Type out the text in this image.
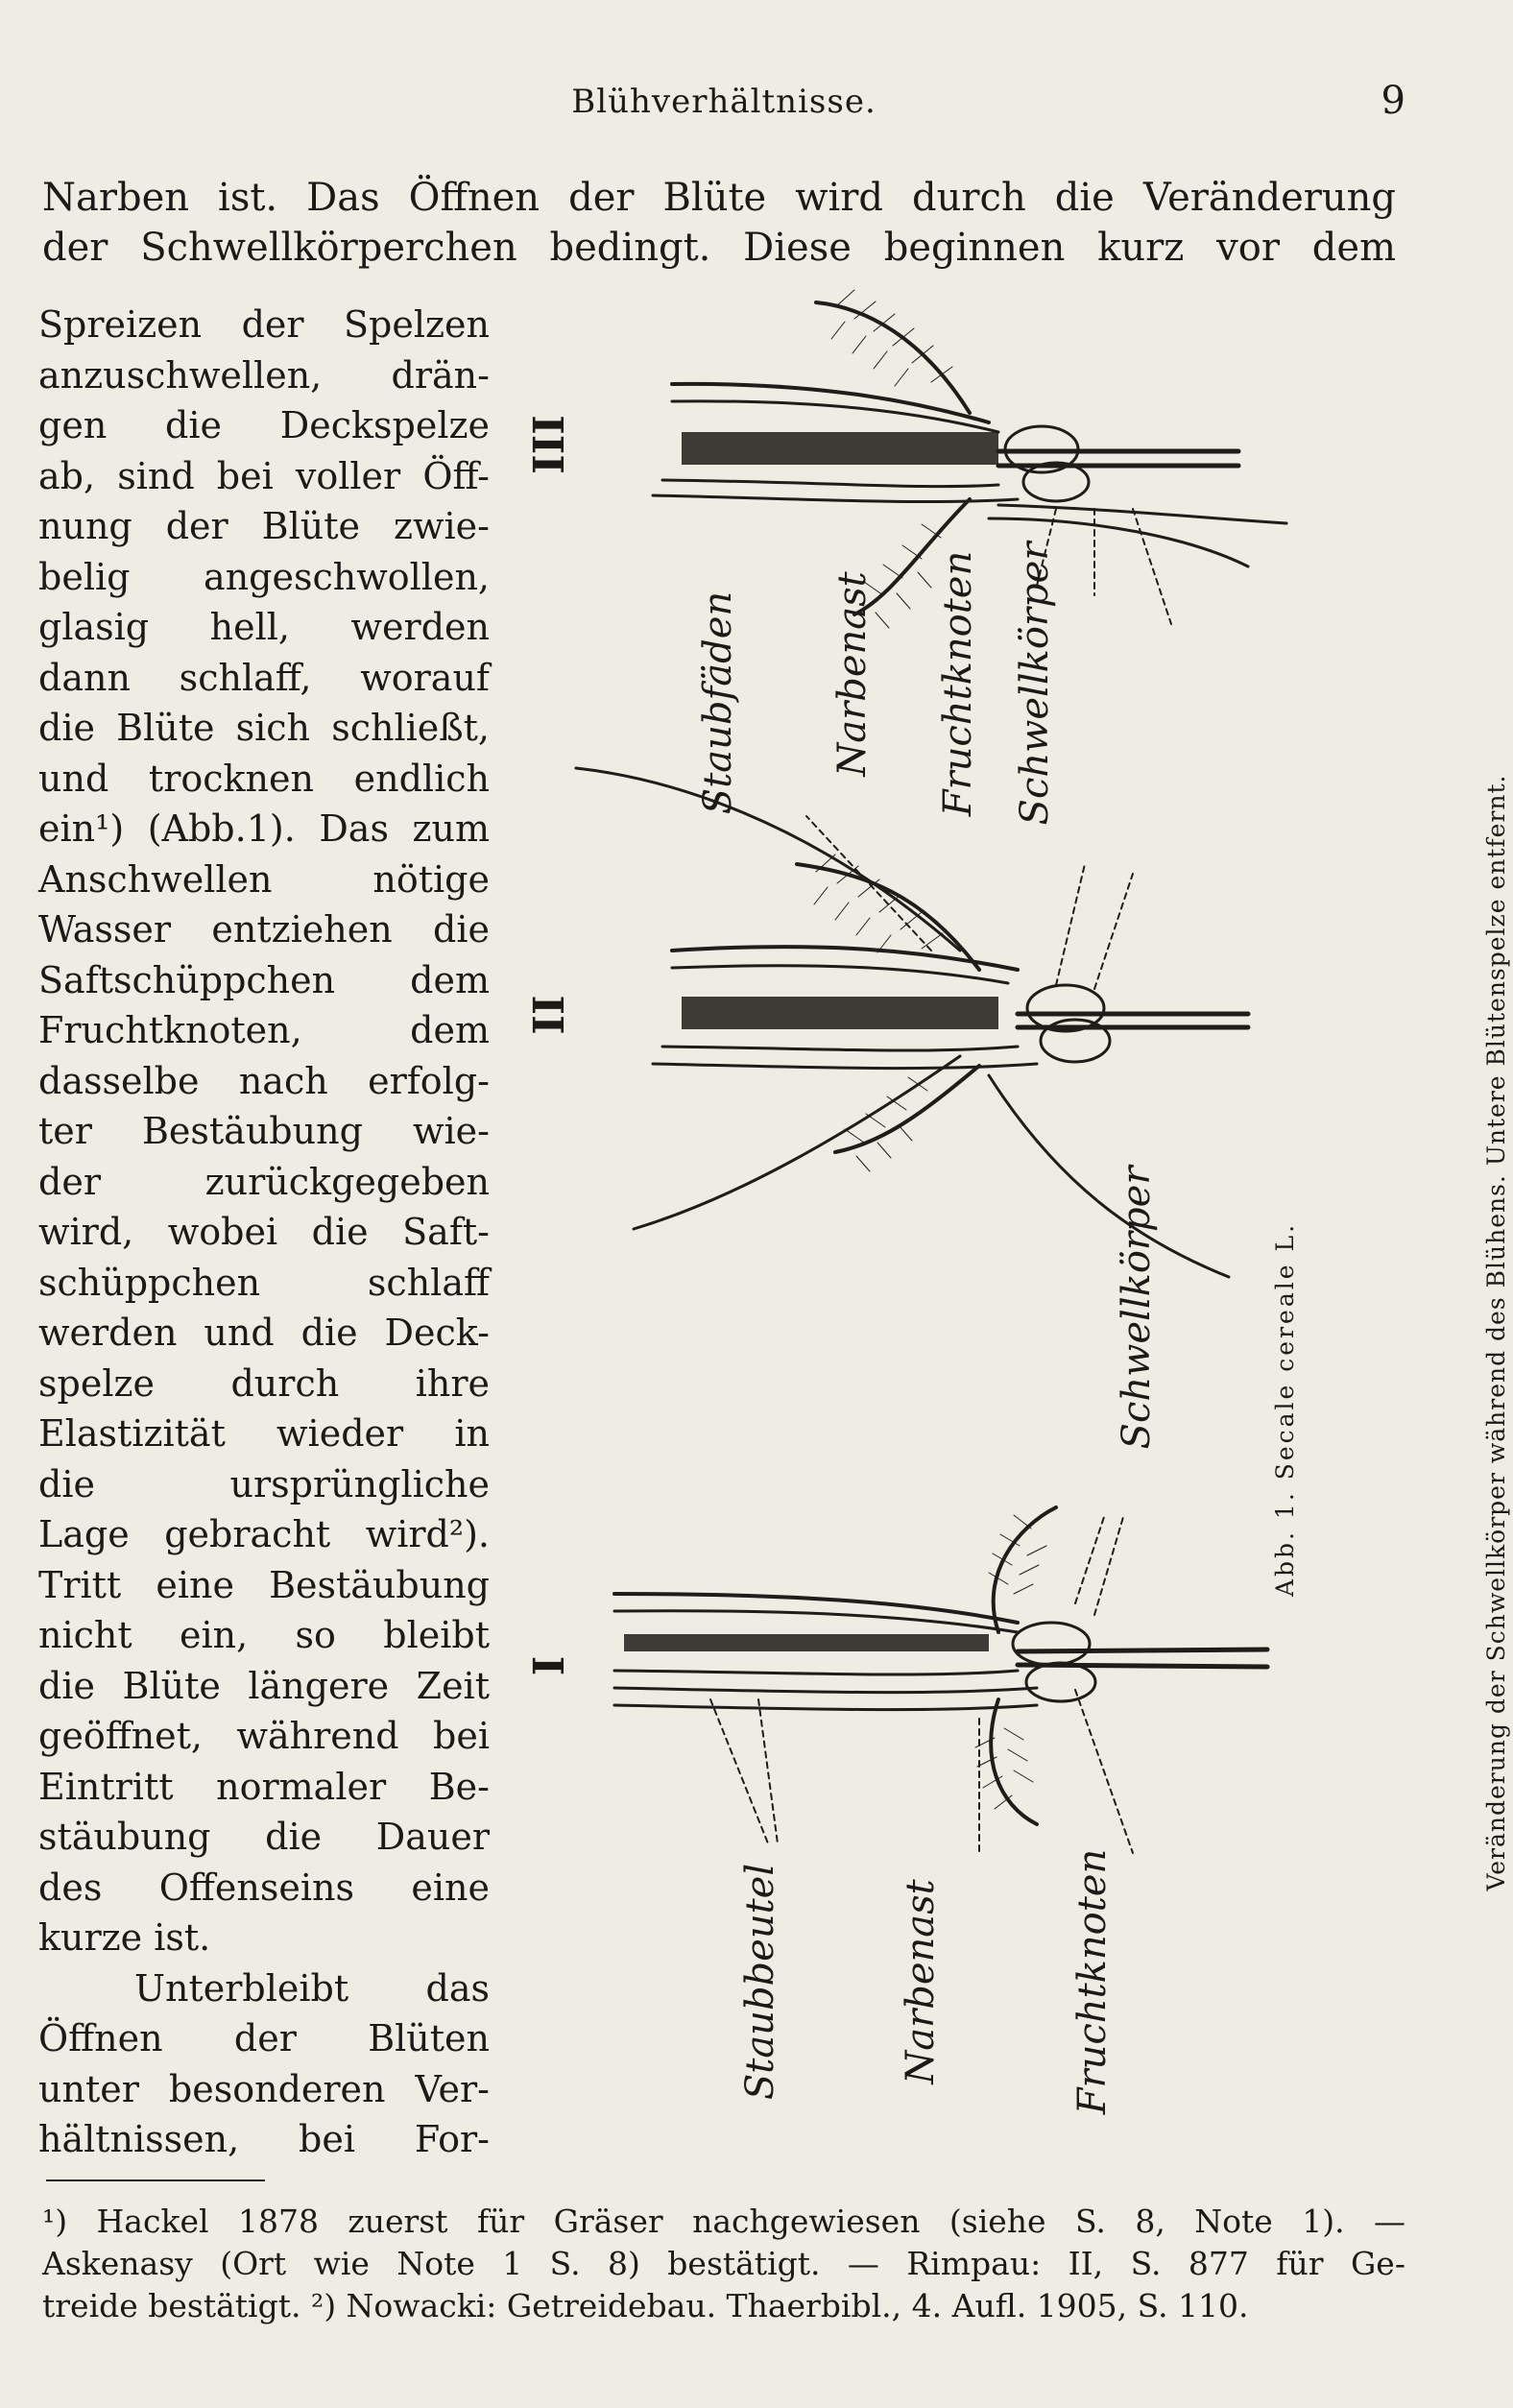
Blühverhältnisse.	9
Narben ist. Das Öffnen der Blüte wird durch die Veränderung
der Schwellkörperchen bedingt. Diese beginnen kurz vor dem
Spreizen der Spelzen
anzuschwellen, drän-
gen die Deckspelze
ab, sind bei voller Öff-
nung der Blüte zwie-
belig angeschwollen,
glasig hell, werden
dann schlaff, worauf
die Blüte sich schließt,
und trocknen endlich
ein¹) (Abb.1). Das zum
Anschwellen nötige
Wasser entziehen die
Saftschüppchen dem
Fruchtknoten, dem
dasselbe nach erfolg-
ter Bestäubung wie-
der zurückgegeben
wird, wobei die Saft-
schüppchen schlaff
werden und die Deck-
spelze durch ihre
Elastizität wieder in
die ursprüngliche
Lage gebracht wird²).
Tritt eine Bestäubung
nicht ein, so bleibt
die Blüte längere Zeit
geöffnet, während bei
Eintritt normaler Be-
stäubung die Dauer
des Offenseins eine
kurze ist.
Unterbleibt das
Öffnen der Blüten
unter besonderen Ver-
hältnissen, bei For-
III
II
I
Staubfäden Narbenast Fruchtknoten Schwellkörper
Schwellkörper
Staubbeutel	Narbenast	Fruchtknoten
Abb. 1. Secale cereale L.	Veränderung der Schwellkörper während des Blühens. Untere Blütenspelze entfernt.
¹) Hackel 1878 zuerst für Gräser nachgewiesen (siehe S. 8, Note 1). —
Askenasy (Ort wie Note 1 S. 8) bestätigt. — Rimpau: II, S. 877 für Ge-
treide bestätigt. ²) Nowacki: Getreidebau. Thaerbibl., 4. Aufl. 1905, S. 110.
